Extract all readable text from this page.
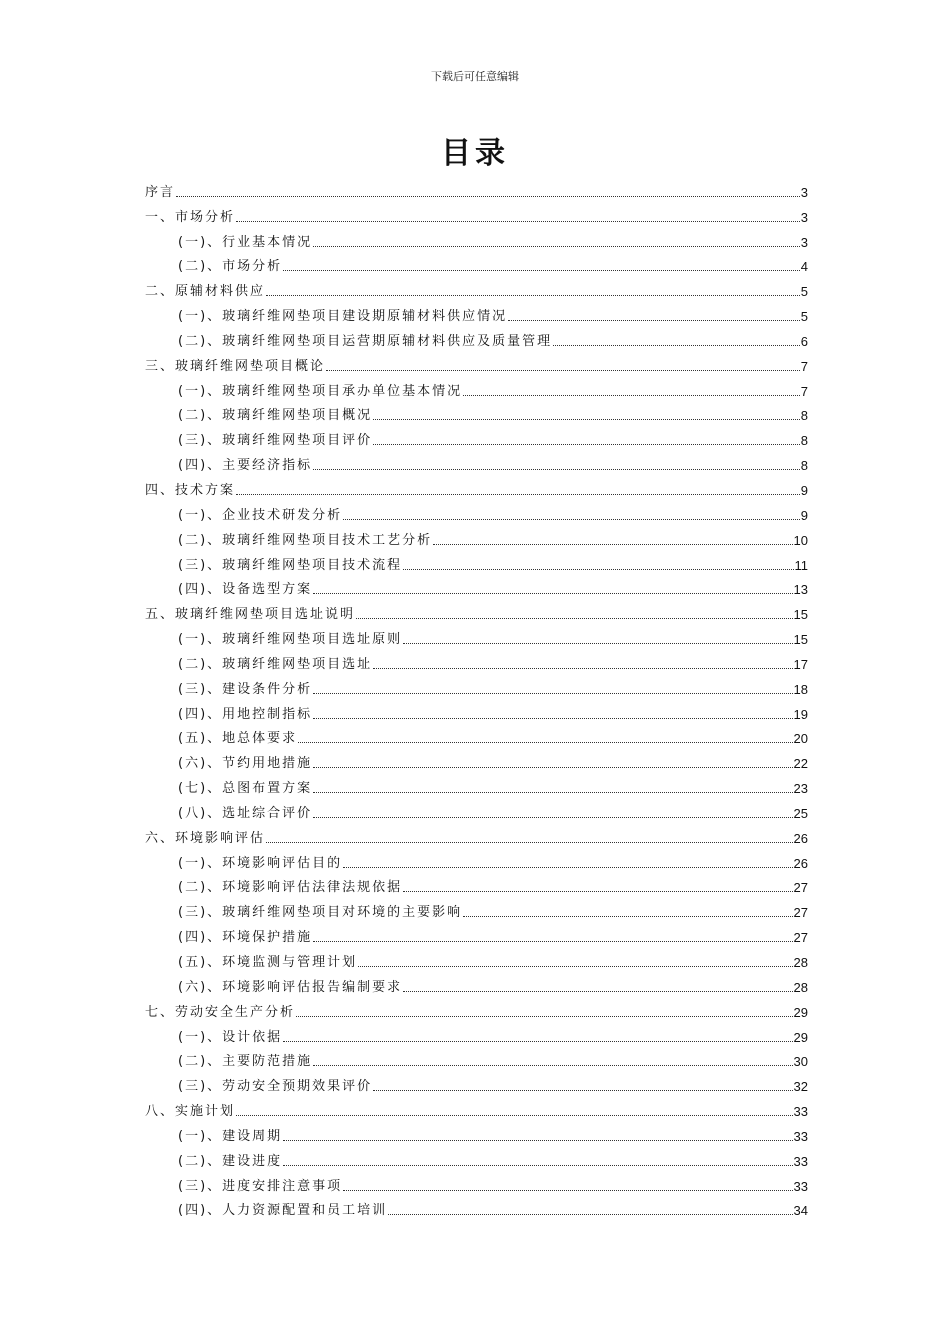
下载后可任意编辑
目录
序言	3
一、市场分析	3
(一)、行业基本情况	3
(二)、市场分析	4
二、原辅材料供应	5
(一)、玻璃纤维网垫项目建设期原辅材料供应情况	5
(二)、玻璃纤维网垫项目运营期原辅材料供应及质量管理	6
三、玻璃纤维网垫项目概论	7
(一)、玻璃纤维网垫项目承办单位基本情况	7
(二)、玻璃纤维网垫项目概况	8
(三)、玻璃纤维网垫项目评价	8
(四)、主要经济指标	8
四、技术方案	9
(一)、企业技术研发分析	9
(二)、玻璃纤维网垫项目技术工艺分析	10
(三)、玻璃纤维网垫项目技术流程	11
(四)、设备选型方案	13
五、玻璃纤维网垫项目选址说明	15
(一)、玻璃纤维网垫项目选址原则	15
(二)、玻璃纤维网垫项目选址	17
(三)、建设条件分析	18
(四)、用地控制指标	19
(五)、地总体要求	20
(六)、节约用地措施	22
(七)、总图布置方案	23
(八)、选址综合评价	25
六、环境影响评估	26
(一)、环境影响评估目的	26
(二)、环境影响评估法律法规依据	27
(三)、玻璃纤维网垫项目对环境的主要影响	27
(四)、环境保护措施	27
(五)、环境监测与管理计划	28
(六)、环境影响评估报告编制要求	28
七、劳动安全生产分析	29
(一)、设计依据	29
(二)、主要防范措施	30
(三)、劳动安全预期效果评价	32
八、实施计划	33
(一)、建设周期	33
(二)、建设进度	33
(三)、进度安排注意事项	33
(四)、人力资源配置和员工培训	34
